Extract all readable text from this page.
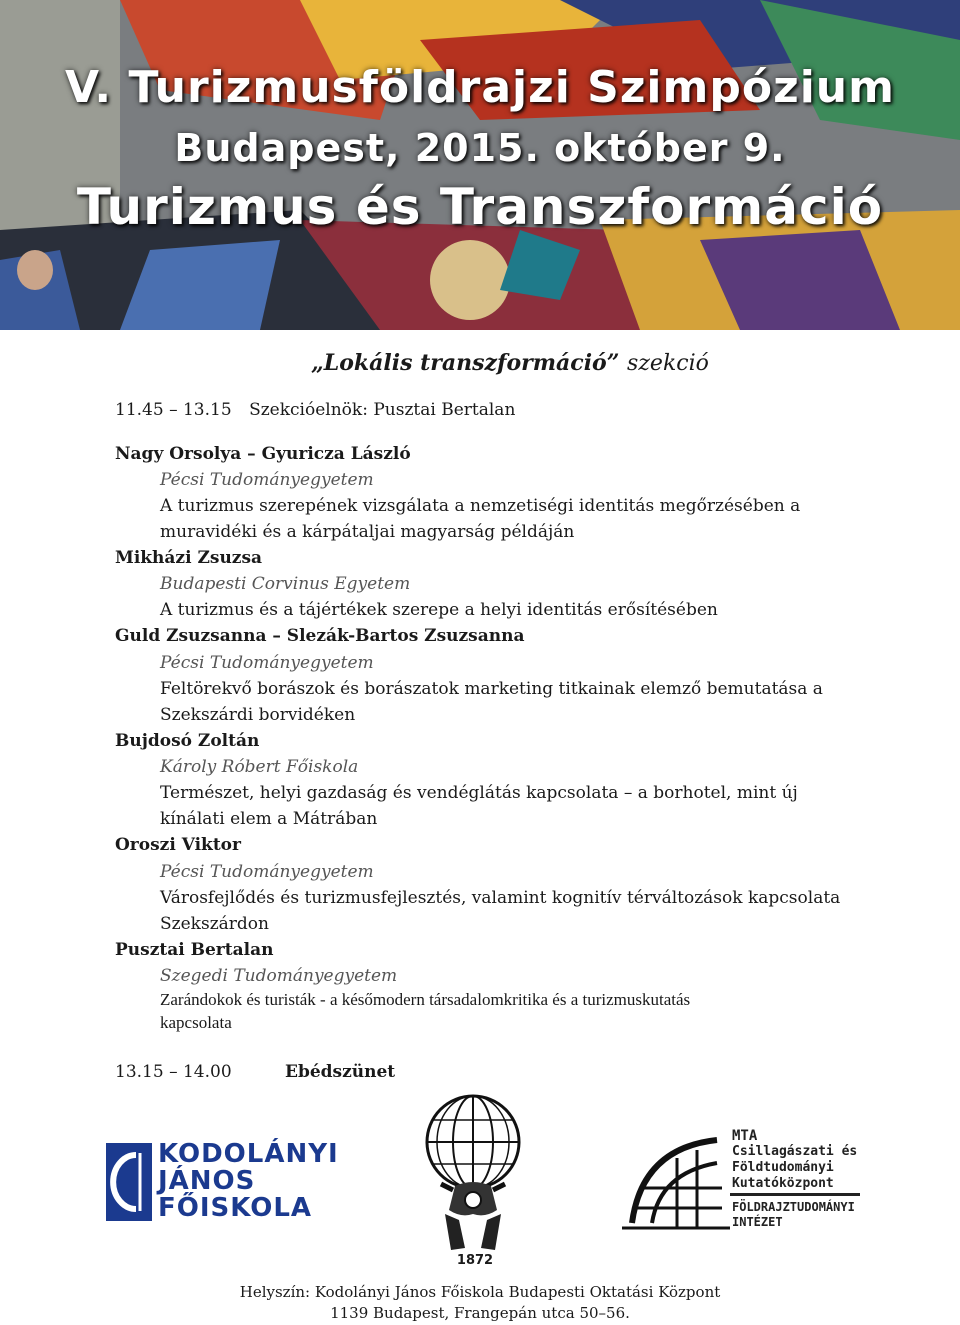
V. Turizmusföldrajzi Szimpózium
Budapest, 2015. október 9.
Turizmus és Transzformáció
„Lokális transzformáció” szekció
11.45 – 13.15 Szekcióelnök: Pusztai Bertalan
Nagy Orsolya – Gyuricza László
Pécsi Tudományegyetem
A turizmus szerepének vizsgálata a nemzetiségi identitás megőrzésében a
muravidéki és a kárpátaljai magyarság példáján
Mikházi Zsuzsa
Budapesti Corvinus Egyetem
A turizmus és a tájértékek szerepe a helyi identitás erősítésében
Guld Zsuzsanna – Slezák-Bartos Zsuzsanna
Pécsi Tudományegyetem
Feltörekvő borászok és borászatok marketing titkainak elemző bemutatása a
Szekszárdi borvidéken
Bujdosó Zoltán
Károly Róbert Főiskola
Természet, helyi gazdaság és vendéglátás kapcsolata – a borhotel, mint új
kínálati elem a Mátrában
Oroszi Viktor
Pécsi Tudományegyetem
Városfejlődés és turizmusfejlesztés, valamint kognitív térváltozások kapcsolata
Szekszárdon
Pusztai Bertalan
Szegedi Tudományegyetem
Zarándokok és turisták - a későmodern társadalomkritika és a turizmuskutatás
kapcsolata
13.15 – 14.00	Ebédszünet
KODOLÁNYI
JÁNOS
FŐISKOLA
1872
MTA
Csillagászati és
Földtudományi
Kutatóközpont
FÖLDRAJZTUDOMÁNYI
INTÉZET
Helyszín: Kodolányi János Főiskola Budapesti Oktatási Központ
1139 Budapest, Frangepán utca 50–56.
